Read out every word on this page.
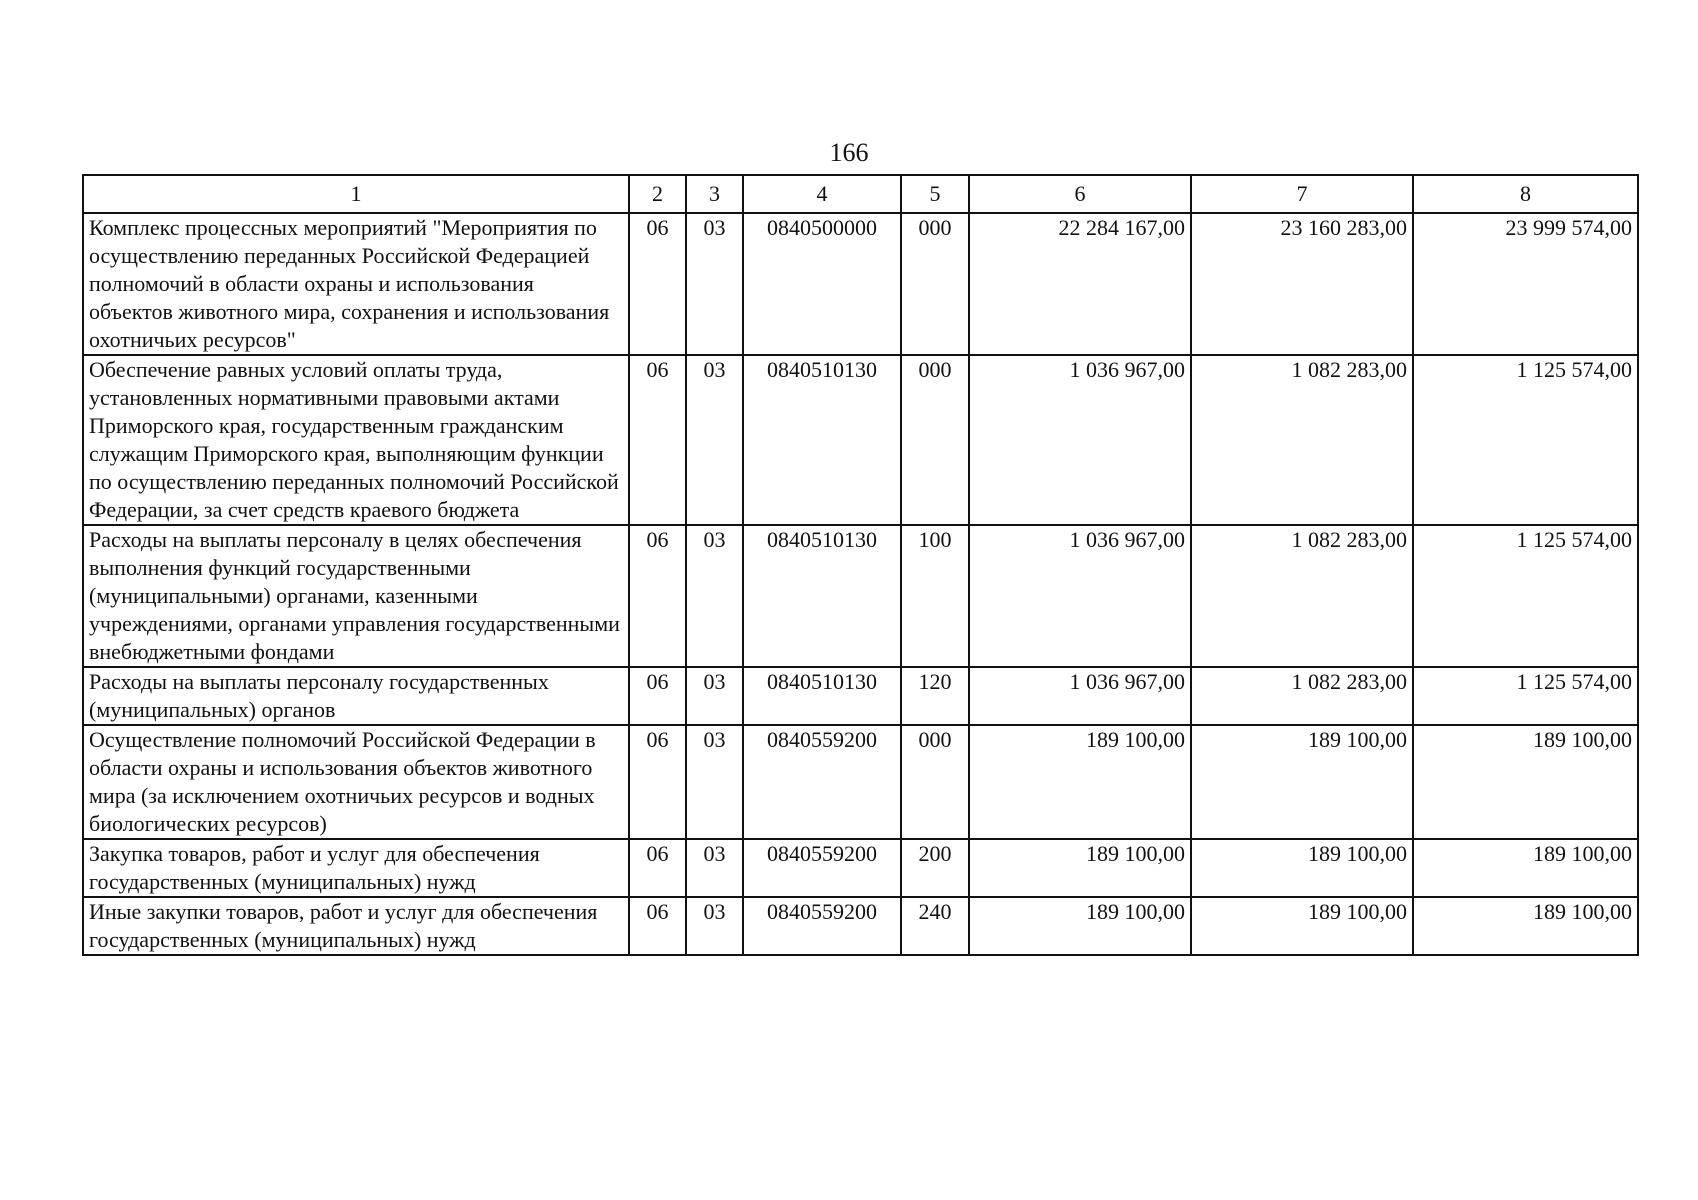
166
1	2	3	4	5	6	7	8
Комплекс процессных мероприятий "Мероприятия по осуществлению переданных Российской Федерацией полномочий в области охраны и использования объектов животного мира, сохранения и использования охотничьих ресурсов"	06	03	0840500000	000	22 284 167,00	23 160 283,00	23 999 574,00
Обеспечение равных условий оплаты труда, установленных нормативными правовыми актами Приморского края, государственным гражданским служащим Приморского края, выполняющим функции по осуществлению переданных полномочий Российской Федерации, за счет средств краевого бюджета	06	03	0840510130	000	1 036 967,00	1 082 283,00	1 125 574,00
Расходы на выплаты персоналу в целях обеспечения выполнения функций государственными (муниципальными) органами, казенными учреждениями, органами управления государственными внебюджетными фондами	06	03	0840510130	100	1 036 967,00	1 082 283,00	1 125 574,00
Расходы на выплаты персоналу государственных (муниципальных) органов	06	03	0840510130	120	1 036 967,00	1 082 283,00	1 125 574,00
Осуществление полномочий Российской Федерации в области охраны и использования объектов животного мира (за исключением охотничьих ресурсов и водных биологических ресурсов)	06	03	0840559200	000	189 100,00	189 100,00	189 100,00
Закупка товаров, работ и услуг для обеспечения государственных (муниципальных) нужд	06	03	0840559200	200	189 100,00	189 100,00	189 100,00
Иные закупки товаров, работ и услуг для обеспечения государственных (муниципальных) нужд	06	03	0840559200	240	189 100,00	189 100,00	189 100,00
